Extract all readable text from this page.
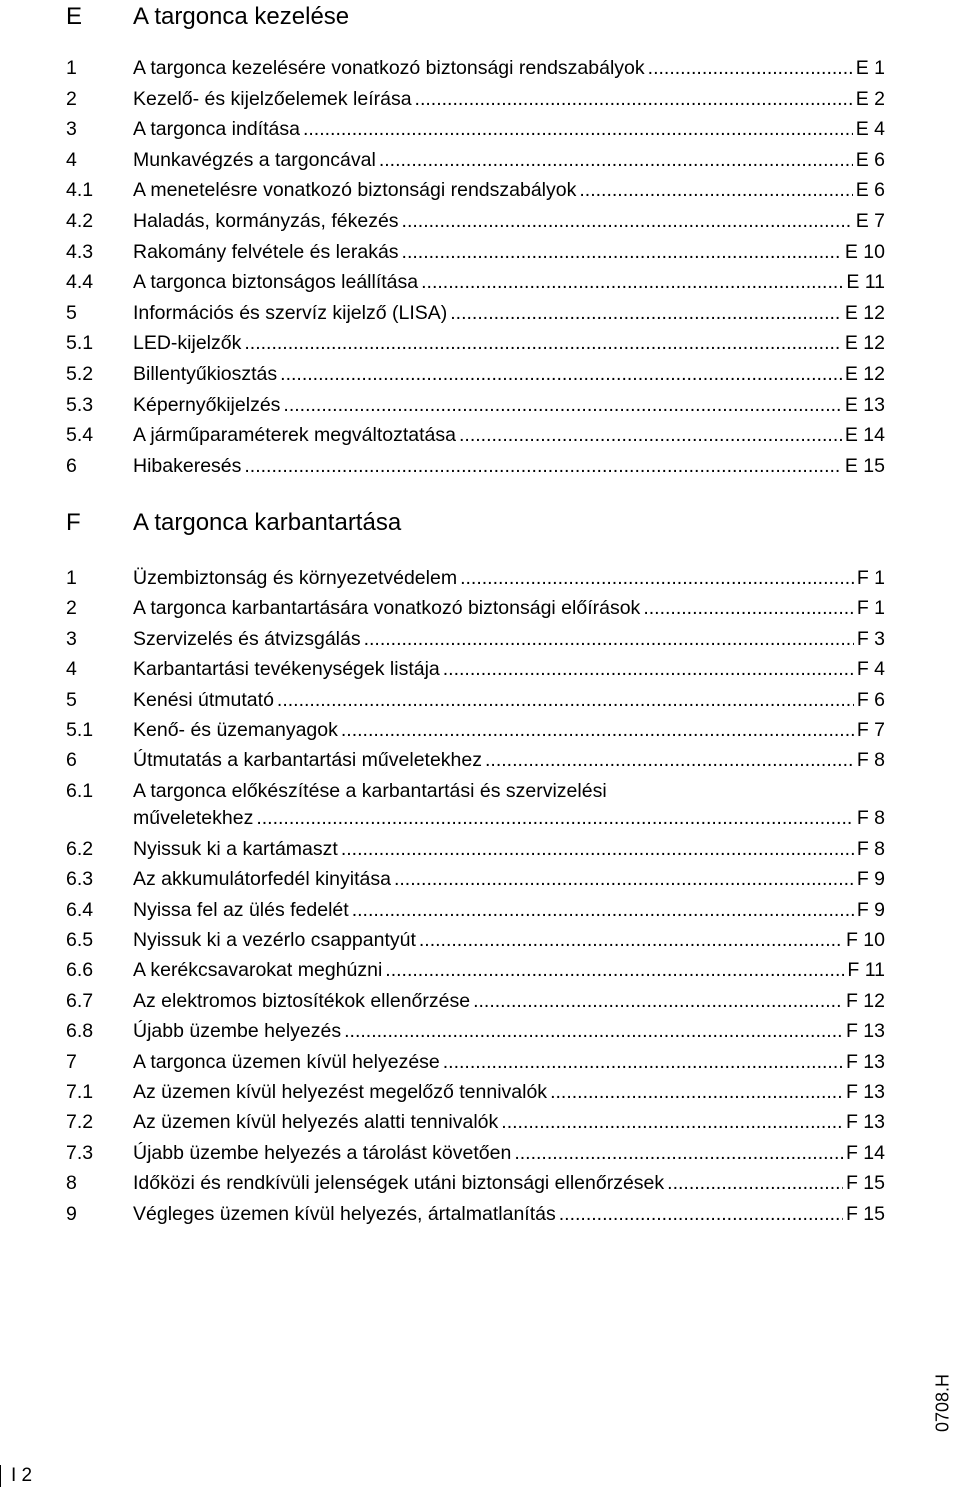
E A targonca kezelése
1	A targonca kezelésére vonatkozó biztonsági rendszabályok .....	E 1
2	Kezelő- és kijelzőelemek leírása .....	E 2
3	A targonca indítása .....	E 4
4	Munkavégzés a targoncával .....	E 6
4.1 A menetelésre vonatkozó biztonsági rendszabályok .....	E 6
4.2 Haladás, kormányzás, fékezés .....	E 7
4.3 Rakomány felvétele és lerakás .....	E 10
4.4 A targonca biztonságos leállítása .....	E 11
5	Információs és szervíz kijelző (LISA) .....	E 12
5.1 LED-kijelzők .....	E 12
5.2 Billentyűkiosztás .....	E 12
5.3 Képernyőkijelzés .....	E 13
5.4 A járműparaméterek megváltoztatása .....	E 14
6	Hibakeresés .....	E 15
F A targonca karbantartása
1	Üzembiztonság és környezetvédelem .....	F 1
2	A targonca karbantartására vonatkozó biztonsági előírások .....	F 1
3	Szervizelés és átvizsgálás .....	F 3
4	Karbantartási tevékenységek listája .....	F 4
5	Kenési útmutató .....	F 6
5.1 Kenő- és üzemanyagok .....	F 7
6	Útmutatás a karbantartási műveletekhez .....	F 8
6.1 A targonca előkészítése a karbantartási és szervizelési
műveletekhez .....	F 8
6.2 Nyissuk ki a kartámaszt .....	F 8
6.3 Az akkumulátorfedél kinyitása .....	F 9
6.4 Nyissa fel az ülés fedelét .....	F 9
6.5 Nyissuk ki a vezérlo csappantyút .....	F 10
6.6 A kerékcsavarokat meghúzni .....	F 11
6.7 Az elektromos biztosítékok ellenőrzése .....	F 12
6.8 Újabb üzembe helyezés .....	F 13
7	A targonca üzemen kívül helyezése .....	F 13
7.1 Az üzemen kívül helyezést megelőző tennivalók .....	F 13
7.2 Az üzemen kívül helyezés alatti tennivalók .....	F 13
7.3 Újabb üzembe helyezés a tárolást követően .....	F 14
8	Időközi és rendkívüli jelenségek utáni biztonsági ellenőrzések .....	F 15
9	Végleges üzemen kívül helyezés, ártalmatlanítás .....	F 15
0708.H
I 2
